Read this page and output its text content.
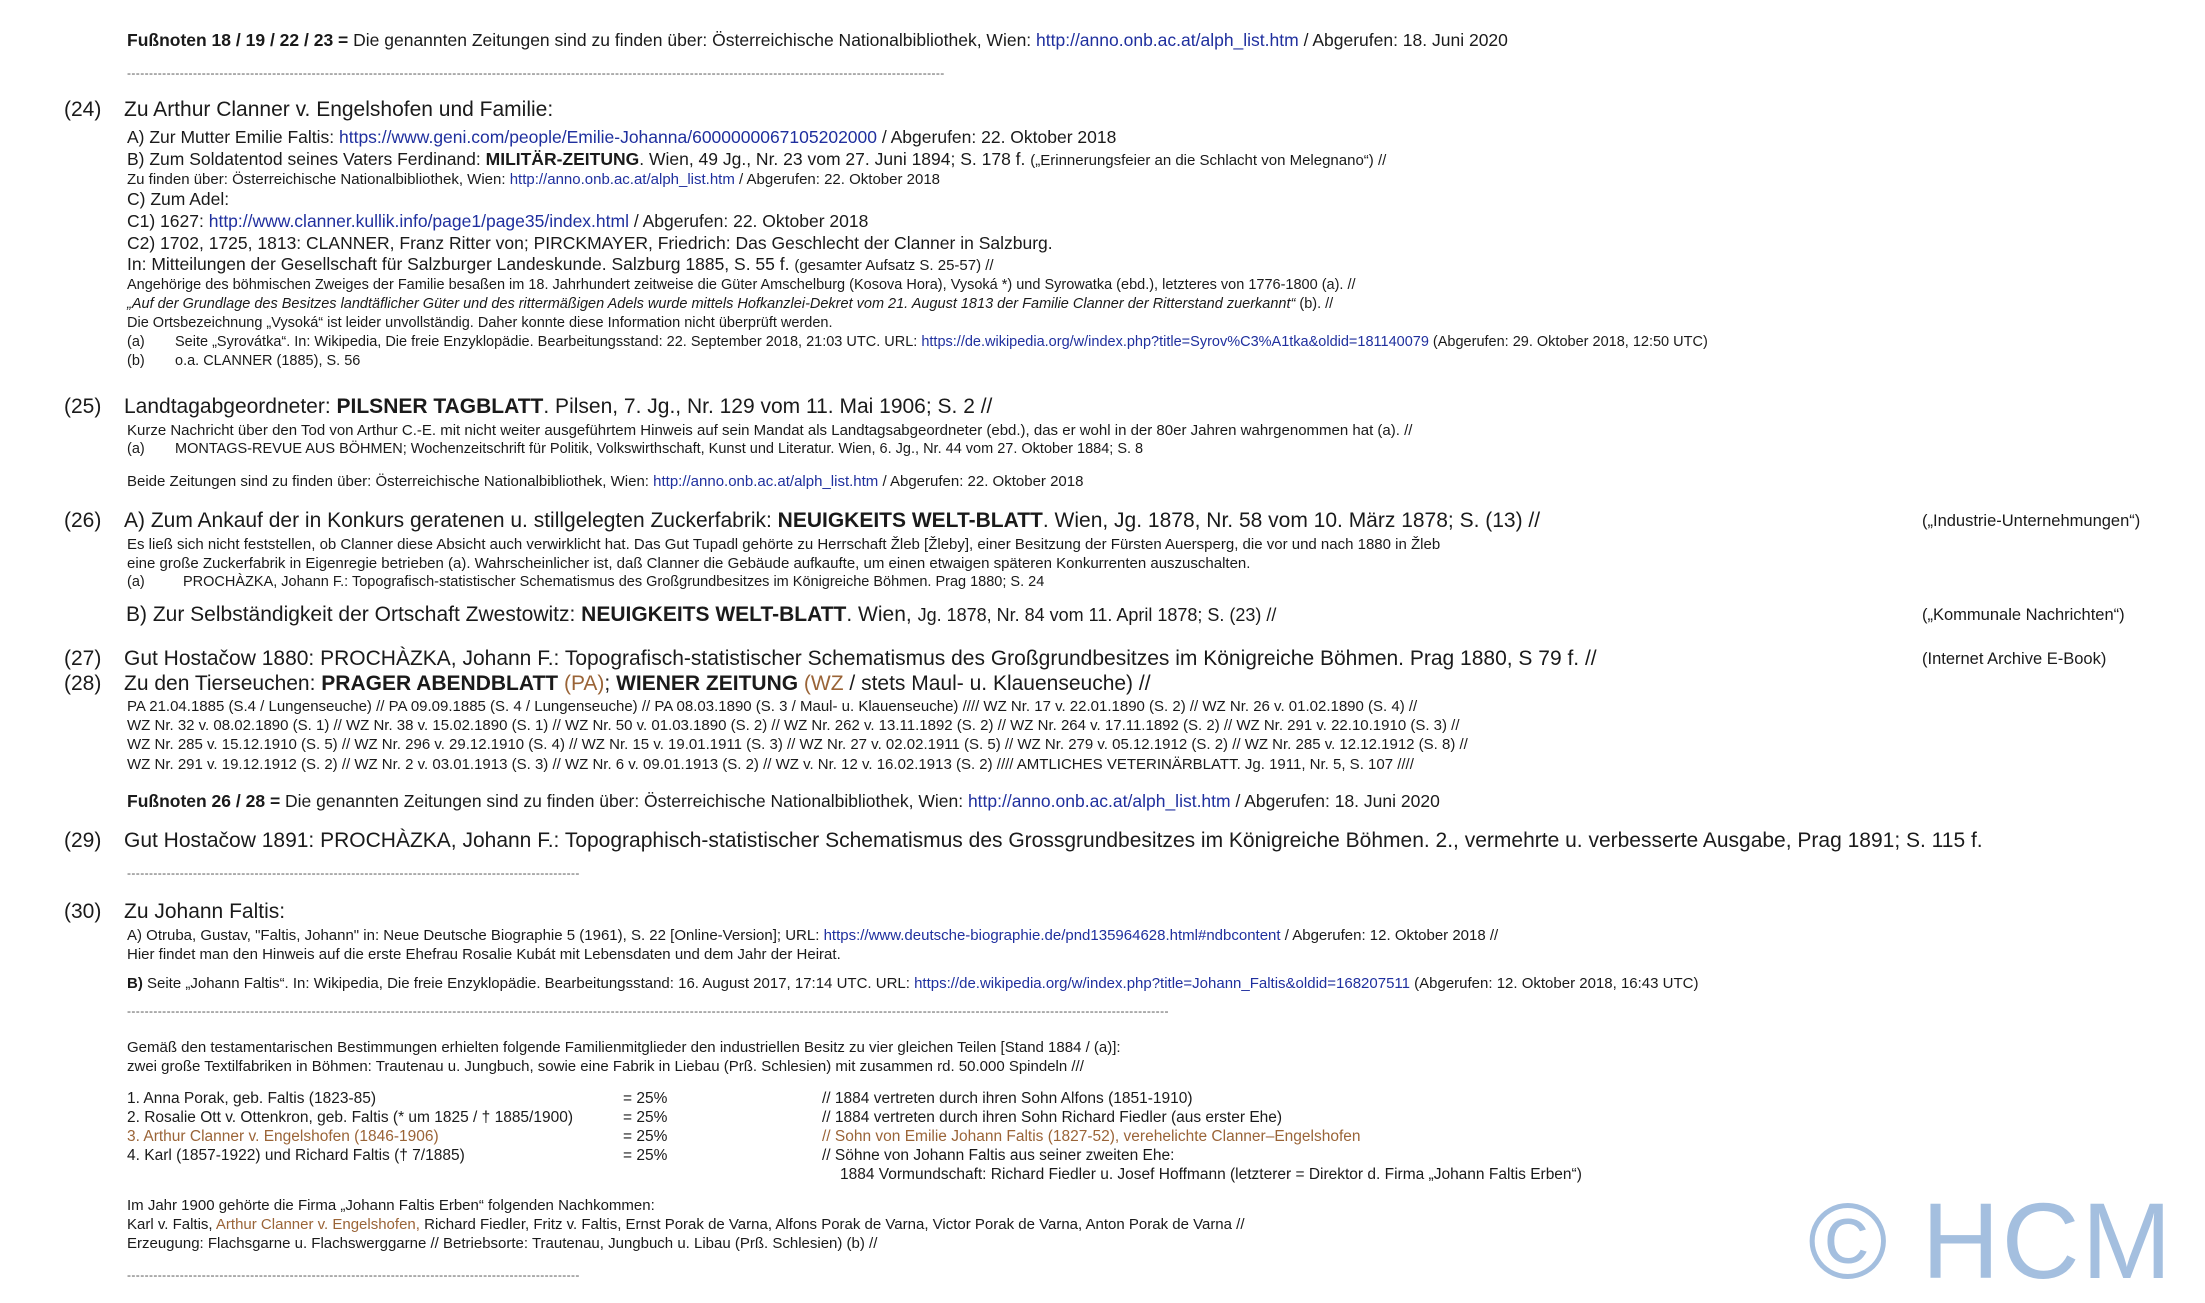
Fußnoten 18 / 19 / 22 / 23 = Die genannten Zeitungen sind zu finden über: Österreichische Nationalbibliothek, Wien: http://anno.onb.ac.at/alph_list.htm / Abgerufen: 18. Juni 2020
------------------------------------------------------------------------------------------------------------------------------------------------------------------------------------------
(24) Zu Arthur Clanner v. Engelshofen und Familie:
A) Zur Mutter Emilie Faltis: https://www.geni.com/people/Emilie-Johanna/6000000067105202000 / Abgerufen: 22. Oktober 2018
B) Zum Soldatentod seines Vaters Ferdinand: MILITÄR-ZEITUNG. Wien, 49 Jg., Nr. 23 vom 27. Juni 1894; S. 178 f. („Erinnerungsfeier an die Schlacht von Melegnano“) //
Zu finden über: Österreichische Nationalbibliothek, Wien: http://anno.onb.ac.at/alph_list.htm / Abgerufen: 22. Oktober 2018
C) Zum Adel:
C1) 1627: http://www.clanner.kullik.info/page1/page35/index.html / Abgerufen: 22. Oktober 2018
C2) 1702, 1725, 1813: CLANNER, Franz Ritter von; PIRCKMAYER, Friedrich: Das Geschlecht der Clanner in Salzburg.
In: Mitteilungen der Gesellschaft für Salzburger Landeskunde. Salzburg 1885, S. 55 f. (gesamter Aufsatz S. 25-57) //
Angehörige des böhmischen Zweiges der Familie besaßen im 18. Jahrhundert zeitweise die Güter Amschelburg (Kosova Hora), Vysoká *) und Syrowatka (ebd.), letzteres von 1776-1800 (a). //
„Auf der Grundlage des Besitzes landtäflicher Güter und des rittermäßigen Adels wurde mittels Hofkanzlei-Dekret vom 21. August 1813 der Familie Clanner der Ritterstand zuerkannt“ (b). //
Die Ortsbezeichnung „Vysoká“ ist leider unvollständig. Daher konnte diese Information nicht überprüft werden.
(a) Seite „Syrovátka“. In: Wikipedia, Die freie Enzyklopädie. Bearbeitungsstand: 22. September 2018, 21:03 UTC. URL: https://de.wikipedia.org/w/index.php?title=Syrov%C3%A1tka&oldid=181140079 (Abgerufen: 29. Oktober 2018, 12:50 UTC)
(b) o.a. CLANNER (1885), S. 56
(25) Landtagabgeordneter: PILSNER TAGBLATT. Pilsen, 7. Jg., Nr. 129 vom 11. Mai 1906; S. 2 //
Kurze Nachricht über den Tod von Arthur C.-E. mit nicht weiter ausgeführtem Hinweis auf sein Mandat als Landtagsabgeordneter (ebd.), das er wohl in der 80er Jahren wahrgenommen hat (a). //
(a) MONTAGS-REVUE AUS BÖHMEN; Wochenzeitschrift für Politik, Volkswirthschaft, Kunst und Literatur. Wien, 6. Jg., Nr. 44 vom 27. Oktober 1884; S. 8
Beide Zeitungen sind zu finden über: Österreichische Nationalbibliothek, Wien: http://anno.onb.ac.at/alph_list.htm / Abgerufen: 22. Oktober 2018
(26) A) Zum Ankauf der in Konkurs geratenen u. stillgelegten Zuckerfabrik: NEUIGKEITS WELT-BLATT. Wien, Jg. 1878, Nr. 58 vom 10. März 1878; S. (13) //	(„Industrie-Unternehmungen“)
Es ließ sich nicht feststellen, ob Clanner diese Absicht auch verwirklicht hat. Das Gut Tupadl gehörte zu Herrschaft Žleb [Žleby], einer Besitzung der Fürsten Auersperg, die vor und nach 1880 in Žleb
eine große Zuckerfabrik in Eigenregie betrieben (a). Wahrscheinlicher ist, daß Clanner die Gebäude aufkaufte, um einen etwaigen späteren Konkurrenten auszuschalten.
(a)	PROCHÀZKA, Johann F.: Topografisch-statistischer Schematismus des Großgrundbesitzes im Königreiche Böhmen. Prag 1880; S. 24
B) Zur Selbständigkeit der Ortschaft Zwestowitz: NEUIGKEITS WELT-BLATT. Wien, Jg. 1878, Nr. 84 vom 11. April 1878; S. (23) //	(„Kommunale Nachrichten“)
(27) Gut Hostačow 1880: PROCHÀZKA, Johann F.: Topografisch-statistischer Schematismus des Großgrundbesitzes im Königreiche Böhmen. Prag 1880, S 79 f. //	(Internet Archive E-Book)
(28) Zu den Tierseuchen: PRAGER ABENDBLATT (PA); WIENER ZEITUNG (WZ / stets Maul- u. Klauenseuche) //
PA 21.04.1885 (S.4 / Lungenseuche) // PA 09.09.1885 (S. 4 / Lungenseuche) // PA 08.03.1890 (S. 3 / Maul- u. Klauenseuche) //// WZ Nr. 17 v. 22.01.1890 (S. 2) // WZ Nr. 26 v. 01.02.1890 (S. 4) //
WZ Nr. 32 v. 08.02.1890 (S. 1) // WZ Nr. 38 v. 15.02.1890 (S. 1) // WZ Nr. 50 v. 01.03.1890 (S. 2) // WZ Nr. 262 v. 13.11.1892 (S. 2) // WZ Nr. 264 v. 17.11.1892 (S. 2) // WZ Nr. 291 v. 22.10.1910 (S. 3) //
WZ Nr. 285 v. 15.12.1910 (S. 5) // WZ Nr. 296 v. 29.12.1910 (S. 4) // WZ Nr. 15 v. 19.01.1911 (S. 3) // WZ Nr. 27 v. 02.02.1911 (S. 5) // WZ Nr. 279 v. 05.12.1912 (S. 2) // WZ Nr. 285 v. 12.12.1912 (S. 8) //
WZ Nr. 291 v. 19.12.1912 (S. 2) // WZ Nr. 2 v. 03.01.1913 (S. 3) // WZ Nr. 6 v. 09.01.1913 (S. 2) // WZ v. Nr. 12 v. 16.02.1913 (S. 2) //// AMTLICHES VETERINÄRBLATT. Jg. 1911, Nr. 5, S. 107 ////
Fußnoten 26 / 28 = Die genannten Zeitungen sind zu finden über: Österreichische Nationalbibliothek, Wien: http://anno.onb.ac.at/alph_list.htm / Abgerufen: 18. Juni 2020
(29) Gut Hostačow 1891: PROCHÀZKA, Johann F.: Topographisch-statistischer Schematismus des Grossgrundbesitzes im Königreiche Böhmen. 2., vermehrte u. verbesserte Ausgabe, Prag 1891; S. 115 f.
-------------------------------------------------------------------------------------------------------
(30) Zu Johann Faltis:
A) Otruba, Gustav, "Faltis, Johann" in: Neue Deutsche Biographie 5 (1961), S. 22 [Online-Version]; URL: https://www.deutsche-biographie.de/pnd135964628.html#ndbcontent / Abgerufen: 12. Oktober 2018 //
Hier findet man den Hinweis auf die erste Ehefrau Rosalie Kubát mit Lebensdaten und dem Jahr der Heirat.
B) Seite „Johann Faltis“. In: Wikipedia, Die freie Enzyklopädie. Bearbeitungsstand: 16. August 2017, 17:14 UTC. URL: https://de.wikipedia.org/w/index.php?title=Johann_Faltis&oldid=168207511 (Abgerufen: 12. Oktober 2018, 16:43 UTC)
---------------------------------------------------------------------------------------------------------------------------------------------------------------------------------------------------------------------------------------------
Gemäß den testamentarischen Bestimmungen erhielten folgende Familienmitglieder den industriellen Besitz zu vier gleichen Teilen [Stand 1884 / (a)]:
zwei große Textilfabriken in Böhmen: Trautenau u. Jungbuch, sowie eine Fabrik in Liebau (Prß. Schlesien) mit zusammen rd. 50.000 Spindeln ///
1. Anna Porak, geb. Faltis (1823-85)	= 25%	// 1884 vertreten durch ihren Sohn Alfons (1851-1910)
2. Rosalie Ott v. Ottenkron, geb. Faltis (* um 1825 / † 1885/1900)	= 25%	// 1884 vertreten durch ihren Sohn Richard Fiedler (aus erster Ehe)
3. Arthur Clanner v. Engelshofen (1846-1906)	= 25%	// Sohn von Emilie Johann Faltis (1827-52), verehelichte Clanner–Engelshofen
4. Karl (1857-1922) und Richard Faltis († 7/1885)	= 25%	// Söhne von Johann Faltis aus seiner zweiten Ehe:
1884 Vormundschaft: Richard Fiedler u. Josef Hoffmann (letzterer = Direktor d. Firma „Johann Faltis Erben“)
Im Jahr 1900 gehörte die Firma „Johann Faltis Erben“ folgenden Nachkommen:
Karl v. Faltis, Arthur Clanner v. Engelshofen, Richard Fiedler, Fritz v. Faltis, Ernst Porak de Varna, Alfons Porak de Varna, Victor Porak de Varna, Anton Porak de Varna //
Erzeugung: Flachsgarne u. Flachswerggarne // Betriebsorte: Trautenau, Jungbuch u. Libau (Prß. Schlesien) (b) //
-------------------------------------------------------------------------------------------------------	© HCM
